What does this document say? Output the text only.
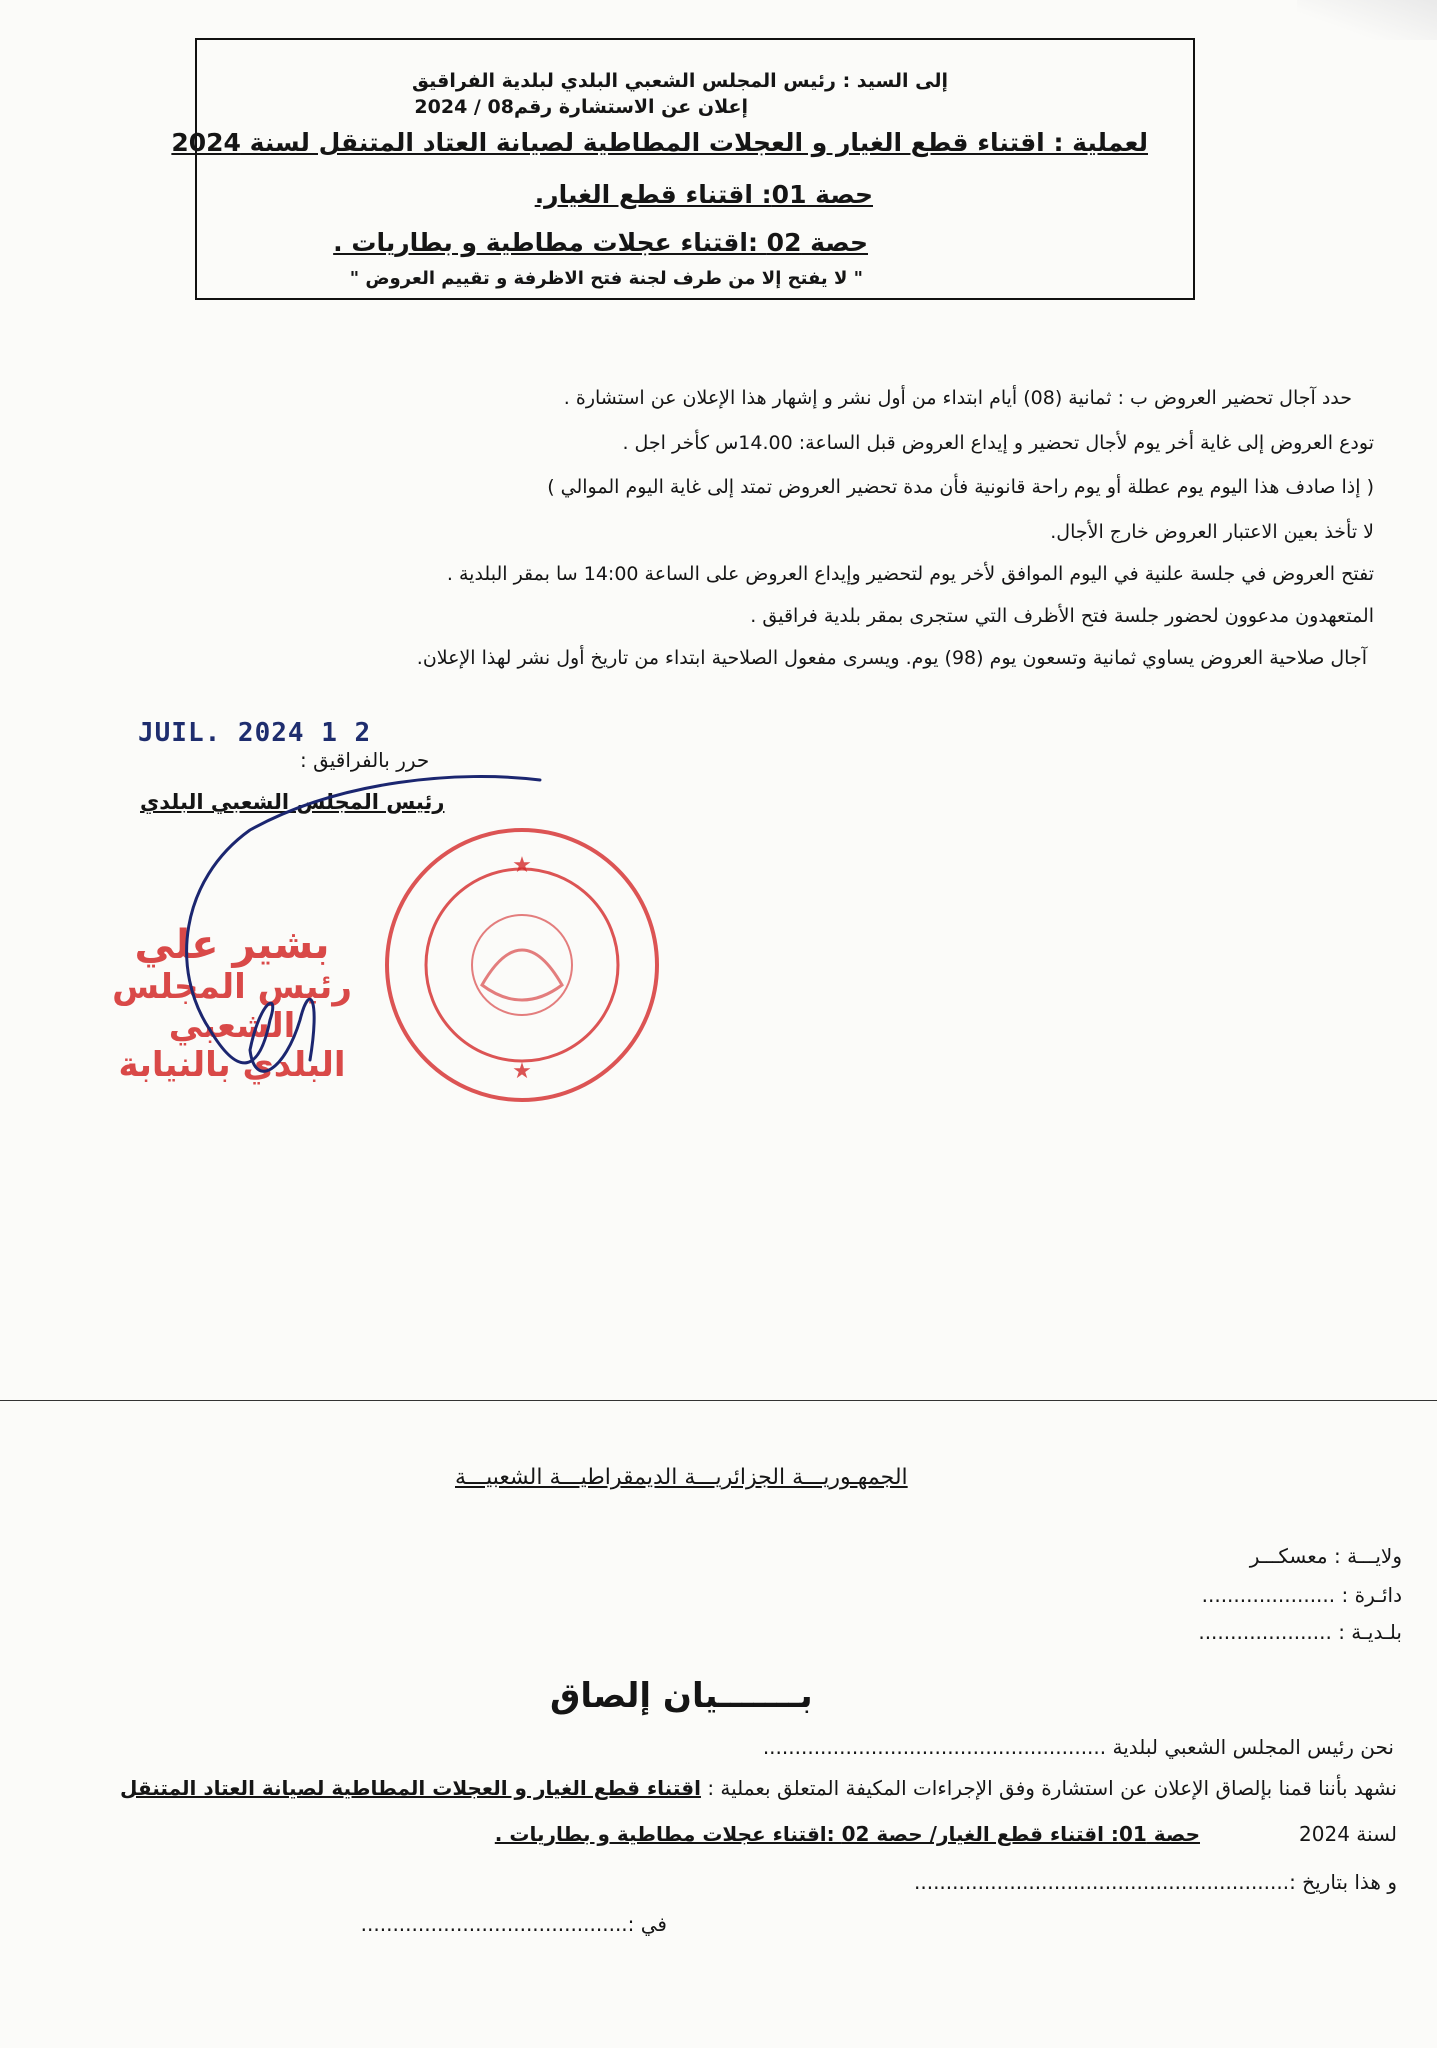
إلى السيد : رئيس المجلس الشعبي البلدي لبلدية الفراقيق
إعلان عن الاستشارة رقم08 / 2024
لعملية : اقتناء قطع الغيار و العجلات المطاطية لصيانة العتاد المتنقل لسنة 2024
حصة 01: اقتناء قطع الغيار.
حصة 02 :اقتناء عجلات مطاطية و بطاريات .
" لا يفتح إلا من طرف لجنة فتح الاظرفة و تقييم العروض "
حدد آجال تحضير العروض ب : ثمانية (08) أيام ابتداء من أول نشر و إشهار هذا الإعلان عن استشارة .
تودع العروض إلى غاية أخر يوم لأجال تحضير و إيداع العروض قبل الساعة: 14.00س كأخر اجل .
( إذا صادف هذا اليوم يوم عطلة أو يوم راحة قانونية فأن مدة تحضير العروض تمتد إلى غاية اليوم الموالي )
لا تأخذ بعين الاعتبار العروض خارج الأجال.
تفتح العروض في جلسة علنية في اليوم الموافق لأخر يوم لتحضير وإيداع العروض على الساعة 14:00 سا بمقر البلدية .
المتعهدون مدعوون لحضور جلسة فتح الأظرف التي ستجرى بمقر بلدية فراقيق .
آجال صلاحية العروض يساوي ثمانية وتسعون يوم (98) يوم. ويسرى مفعول الصلاحية ابتداء من تاريخ أول نشر لهذا الإعلان.
2 1 JUIL. 2024
حرر بالفراقيق :
رئيس المجلس الشعبي البلدي
★
★
بشير علي
رئيس المجلس الشعبي
البلدي بالنيابة
الجمهـوريـــة الجزائريـــة الديمقراطيـــة الشعبيـــة
ولايـــة : معسكـــر
دائـرة : .....................
بلـديـة : .....................
بـــــــيان إلصاق
نحن رئيس المجلس الشعبي لبلدية ......................................................
نشهد بأننا قمنا بإلصاق الإعلان عن استشارة وفق الإجراءات المكيفة المتعلق بعملية : اقتناء قطع الغيار و العجلات المطاطية لصيانة العتاد المتنقل
لسنة 2024
حصة 01: اقتناء قطع الغيار/ حصة 02 :اقتناء عجلات مطاطية و بطاريات .
و هذا بتاريخ :...........................................................
في :..........................................
